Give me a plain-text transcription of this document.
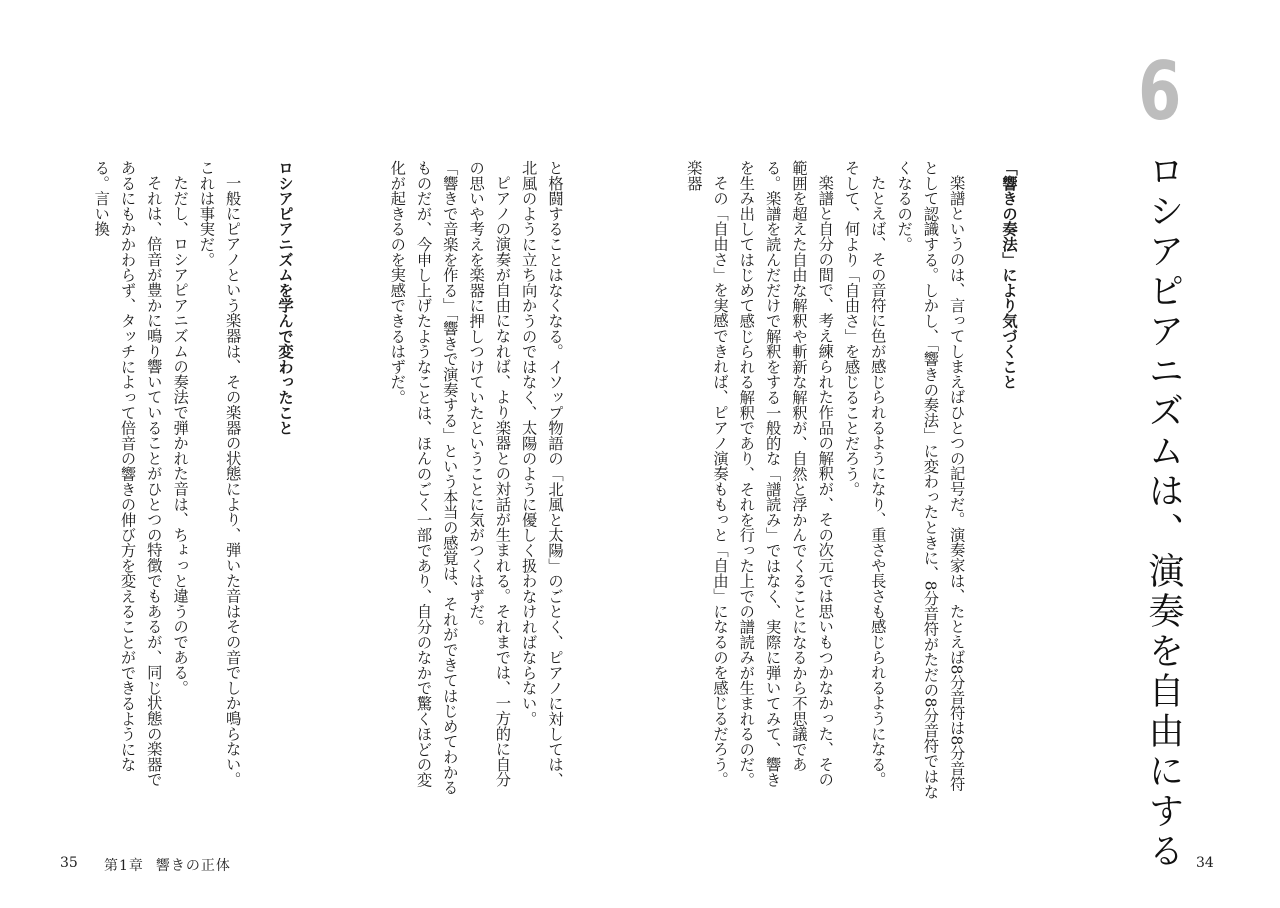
6
ロシアピアニズムは、演奏を自由にする

「響きの奏法」により気づくこと

楽譜というのは、言ってしまえばひとつの記号だ。演奏家は、たとえば8分音符は8分音符として認識する。しかし、「響きの奏法」に変わったときに、8分音符がただの8分音符ではなくなるのだ。

たとえば、その音符に色が感じられるようになり、重さや長さも感じられるようになる。そして、何より「自由さ」を感じることだろう。

楽譜と自分の間で、考え練られた作品の解釈が、その次元では思いもつかなかった、その範囲を超えた自由な解釈や斬新な解釈が、自然と浮かんでくることになるから不思議である。楽譜を読んだだけで解釈をする一般的な「譜読み」ではなく、実際に弾いてみて、響きを生み出してはじめて感じられる解釈であり、それを行った上での譜読みが生まれるのだ。

その「自由さ」を実感できれば、ピアノ演奏ももっと「自由」になるのを感じるだろう。楽器

と格闘することはなくなる。イソップ物語の「北風と太陽」のごとく、ピアノに対しては、北風のように立ち向かうのではなく、太陽のように優しく扱わなければならない。

ピアノの演奏が自由になれば、より楽器との対話が生まれる。それまでは、一方的に自分の思いや考えを楽器に押しつけていたということに気がつくはずだ。

「響きで音楽を作る」「響きで演奏する」という本当の感覚は、それができてはじめてわかるものだが、今申し上げたようなことは、ほんのごく一部であり、自分のなかで驚くほどの変化が起きるのを実感できるはずだ。

ロシアピアニズムを学んで変わったこと

一般にピアノという楽器は、その楽器の状態により、弾いた音はその音でしか鳴らない。これは事実だ。

ただし、ロシアピアニズムの奏法で弾かれた音は、ちょっと違うのである。

それは、倍音が豊かに鳴り響いていることがひとつの特徴でもあるが、同じ状態の楽器であるにもかかわらず、タッチによって倍音の響きの伸び方を変えることができるようになる。言い換

35 第1章 響きの正体	34
